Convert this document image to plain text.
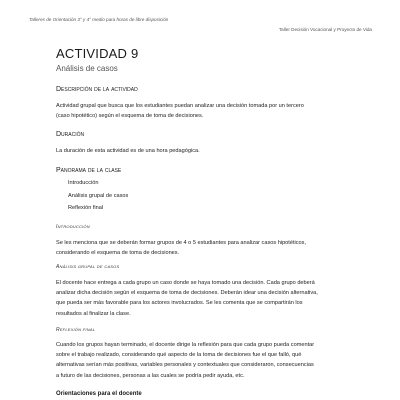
Talleres de Orientación 3° y 4° medio para horas de libre disposición
Taller Decisión Vocacional y Proyecto de Vida
ACTIVIDAD 9
Análisis de casos
Descripción de la actividad
Actividad grupal que busca que los estudiantes puedan analizar una decisión tomada por un tercero
(caso hipotético) según el esquema de toma de decisiones.
Duración
La duración de esta actividad es de una hora pedagógica.
Panorama de la clase
Introducción
Análisis grupal de casos
Reflexión final
Introducción
Se les menciona que se deberán formar grupos de 4 o 5 estudiantes para analizar casos hipotéticos,
considerando el esquema de toma de decisiones.
Análisis grupal de casos
El docente hace entrega a cada grupo un caso donde se haya tomado una decisión. Cada grupo deberá
analizar dicha decisión según el esquema de toma de decisiones. Deberán idear una decisión alternativa,
que pueda ser más favorable para los actores involucrados. Se les comenta que se compartirán los
resultados al finalizar la clase.
Reflexión final
Cuando los grupos hayan terminado, el docente dirige la reflexión para que cada grupo pueda comentar
sobre el trabajo realizado, considerando qué aspecto de la toma de decisiones fue el que falló, qué
alternativas serían más positivas, variables personales y contextuales que consideraron, consecuencias
a futuro de las decisiones, personas a las cuales se podría pedir ayuda, etc.
Orientaciones para el docente
